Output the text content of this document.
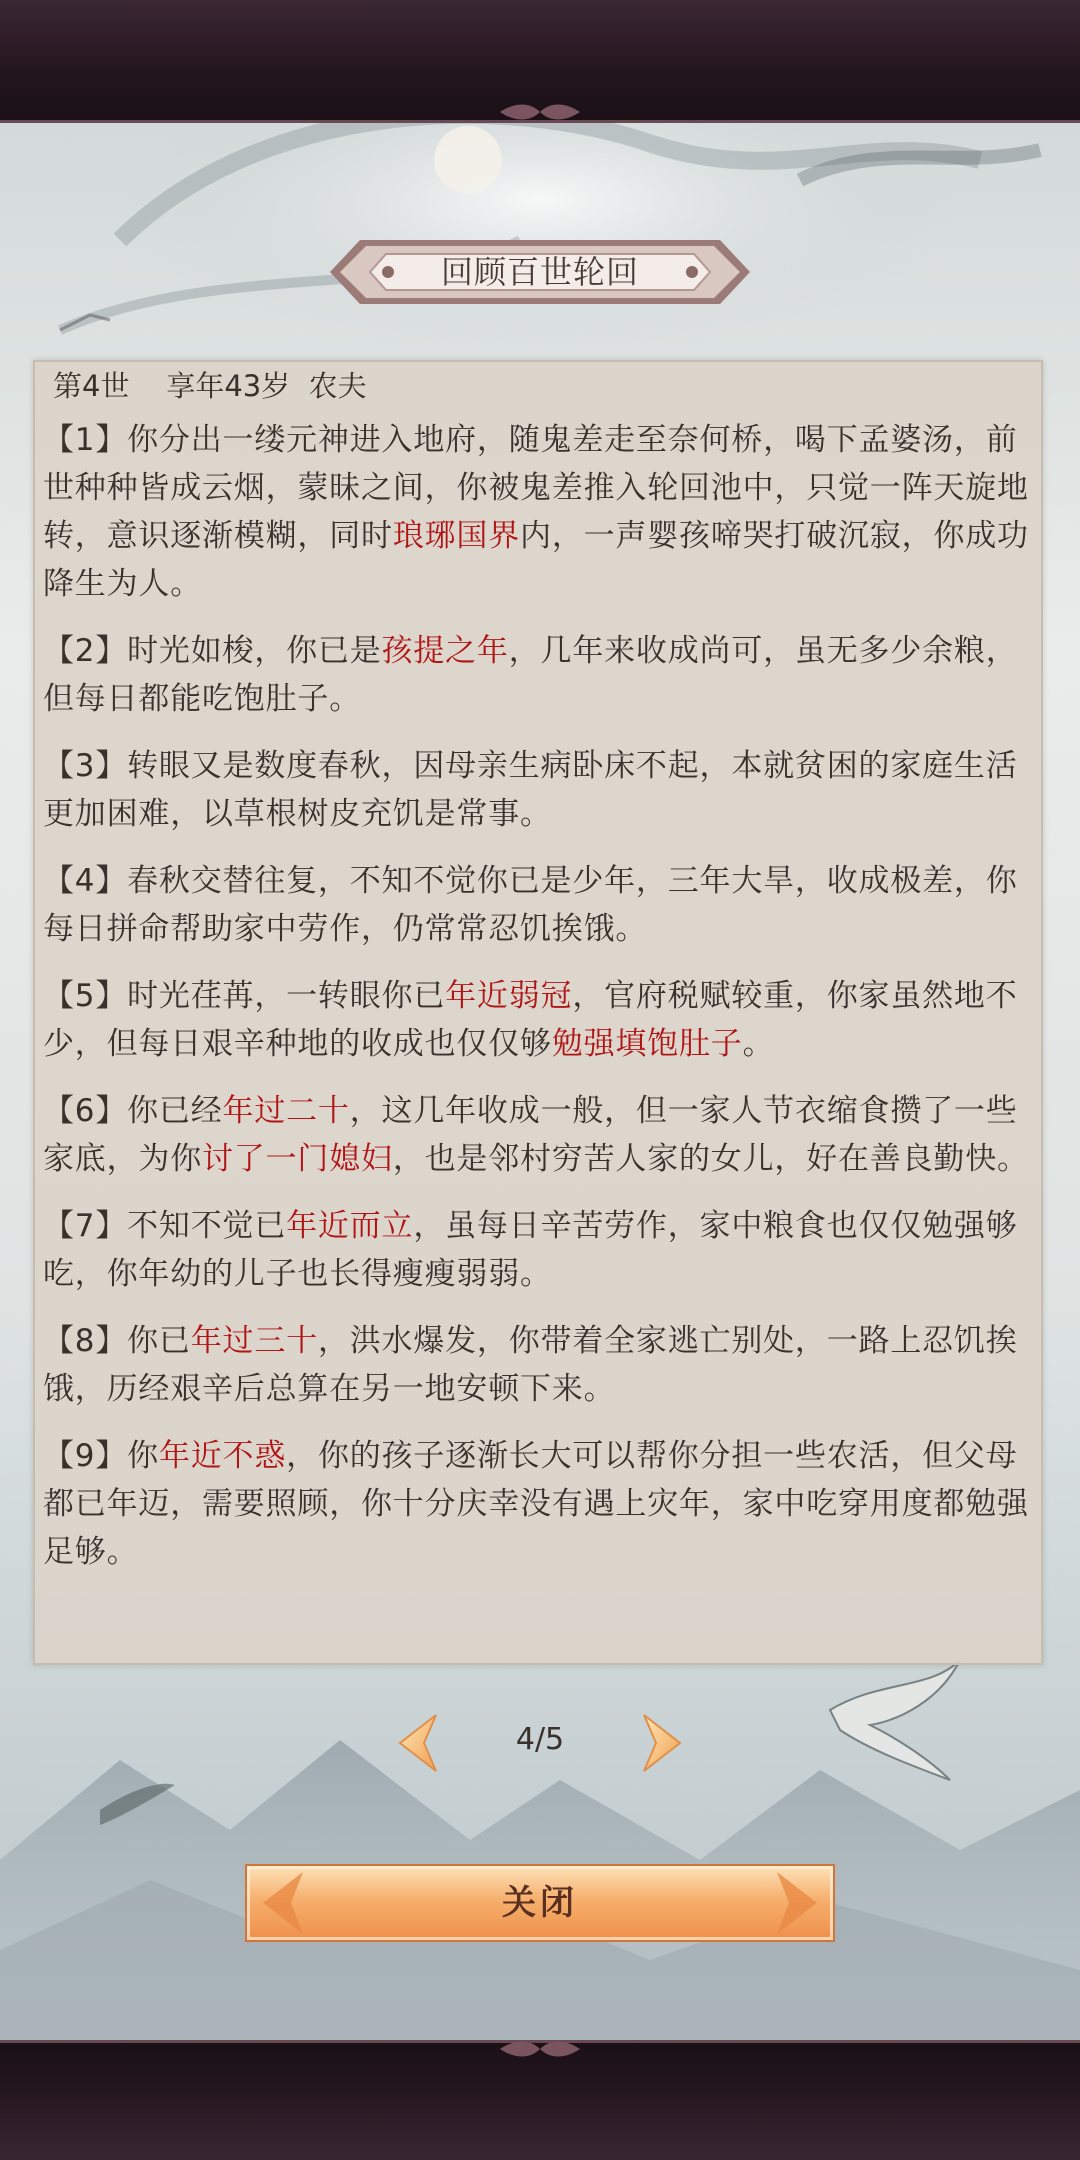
回顾百世轮回
第4世    享年43岁  农夫
【1】你分出一缕元神进入地府，随鬼差走至奈何桥，喝下孟婆汤，前世种种皆成云烟，蒙昧之间，你被鬼差推入轮回池中，只觉一阵天旋地转，意识逐渐模糊，同时琅琊国界内，一声婴孩啼哭打破沉寂，你成功降生为人。
【2】时光如梭，你已是孩提之年，几年来收成尚可，虽无多少余粮，但每日都能吃饱肚子。
【3】转眼又是数度春秋，因母亲生病卧床不起，本就贫困的家庭生活更加困难，以草根树皮充饥是常事。
【4】春秋交替往复，不知不觉你已是少年，三年大旱，收成极差，你每日拼命帮助家中劳作，仍常常忍饥挨饿。
【5】时光荏苒，一转眼你已年近弱冠，官府税赋较重，你家虽然地不少，但每日艰辛种地的收成也仅仅够勉强填饱肚子。
【6】你已经年过二十，这几年收成一般，但一家人节衣缩食攒了一些家底，为你讨了一门媳妇，也是邻村穷苦人家的女儿，好在善良勤快。
【7】不知不觉已年近而立，虽每日辛苦劳作，家中粮食也仅仅勉强够吃，你年幼的儿子也长得瘦瘦弱弱。
【8】你已年过三十，洪水爆发，你带着全家逃亡别处，一路上忍饥挨饿，历经艰辛后总算在另一地安顿下来。
【9】你年近不惑，你的孩子逐渐长大可以帮你分担一些农活，但父母都已年迈，需要照顾，你十分庆幸没有遇上灾年，家中吃穿用度都勉强足够。
4/5
关闭
